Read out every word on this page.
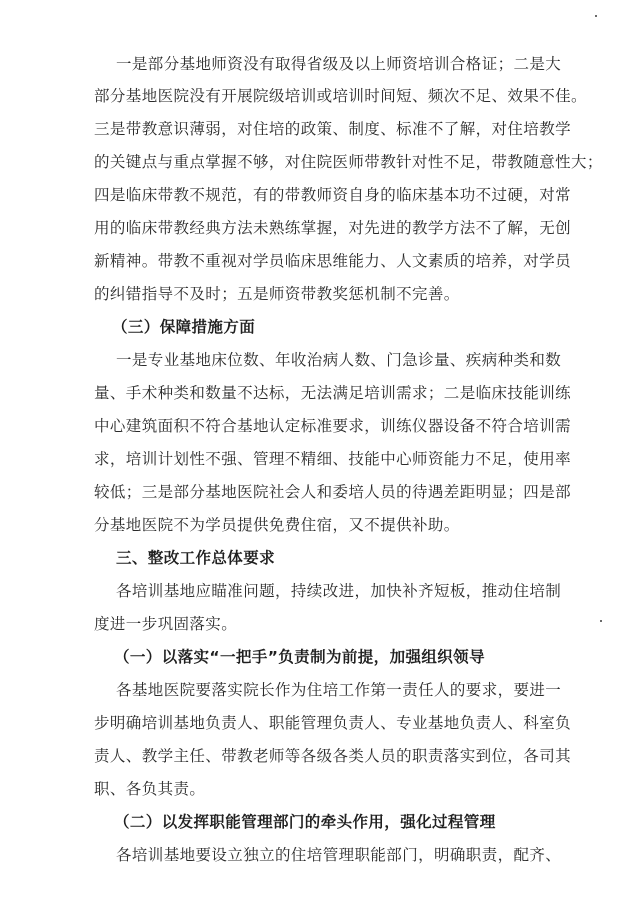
一是部分基地师资没有取得省级及以上师资培训合格证；二是大
部分基地医院没有开展院级培训或培训时间短、频次不足、效果不佳。
三是带教意识薄弱，对住培的政策、制度、标准不了解，对住培教学
的关键点与重点掌握不够，对住院医师带教针对性不足，带教随意性大；
四是临床带教不规范，有的带教师资自身的临床基本功不过硬，对常
用的临床带教经典方法未熟练掌握，对先进的教学方法不了解，无创
新精神。带教不重视对学员临床思维能力、人文素质的培养，对学员
的纠错指导不及时；五是师资带教奖惩机制不完善。
（三）保障措施方面
一是专业基地床位数、年收治病人数、门急诊量、疾病种类和数
量、手术种类和数量不达标，无法满足培训需求；二是临床技能训练
中心建筑面积不符合基地认定标准要求，训练仪器设备不符合培训需
求，培训计划性不强、管理不精细、技能中心师资能力不足，使用率
较低；三是部分基地医院社会人和委培人员的待遇差距明显；四是部
分基地医院不为学员提供免费住宿，又不提供补助。
三、整改工作总体要求
各培训基地应瞄准问题，持续改进，加快补齐短板，推动住培制
度进一步巩固落实。
（一）以落实“一把手”负责制为前提，加强组织领导
各基地医院要落实院长作为住培工作第一责任人的要求，要进一
步明确培训基地负责人、职能管理负责人、专业基地负责人、科室负
责人、教学主任、带教老师等各级各类人员的职责落实到位，各司其
职、各负其责。
（二）以发挥职能管理部门的牵头作用，强化过程管理
各培训基地要设立独立的住培管理职能部门，明确职责，配齐、
